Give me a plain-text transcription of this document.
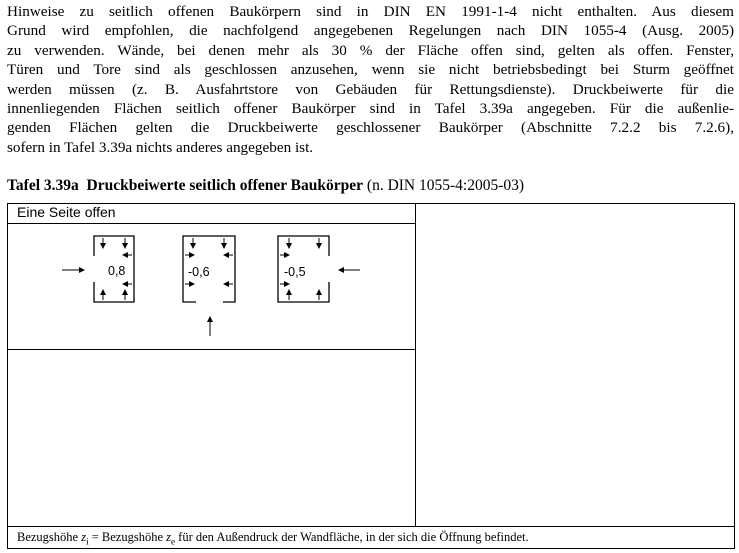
Hinweise zu seitlich offenen Baukörpern sind in DIN EN 1991-1-4 nicht enthalten. Aus diesem
Grund wird empfohlen, die nachfolgend angegebenen Regelungen nach DIN 1055-4 (Ausg. 2005)
zu verwenden. Wände, bei denen mehr als 30 % der Fläche offen sind, gelten als offen. Fenster,
Türen und Tore sind als geschlossen anzusehen, wenn sie nicht betriebsbedingt bei Sturm geöffnet
werden müssen (z. B. Ausfahrtstore von Gebäuden für Rettungsdienste). Druckbeiwerte für die
innenliegenden Flächen seitlich offener Baukörper sind in Tafel 3.39a angegeben. Für die außenlie-
genden Flächen gelten die Druckbeiwerte geschlossener Baukörper (Abschnitte 7.2.2 bis 7.2.6),
sofern in Tafel 3.39a nichts anderes angegeben ist.
Tafel 3.39a Druckbeiwerte seitlich offener Baukörper (n. DIN 1055-4:2005-03)
Eine Seite offen
0,8	-0,6	-0,5
Bezugshöhe $z_i$ = Bezugshöhe $z_e$ für den Außendruck der Wandfläche, in der sich die Öffnung befindet.
